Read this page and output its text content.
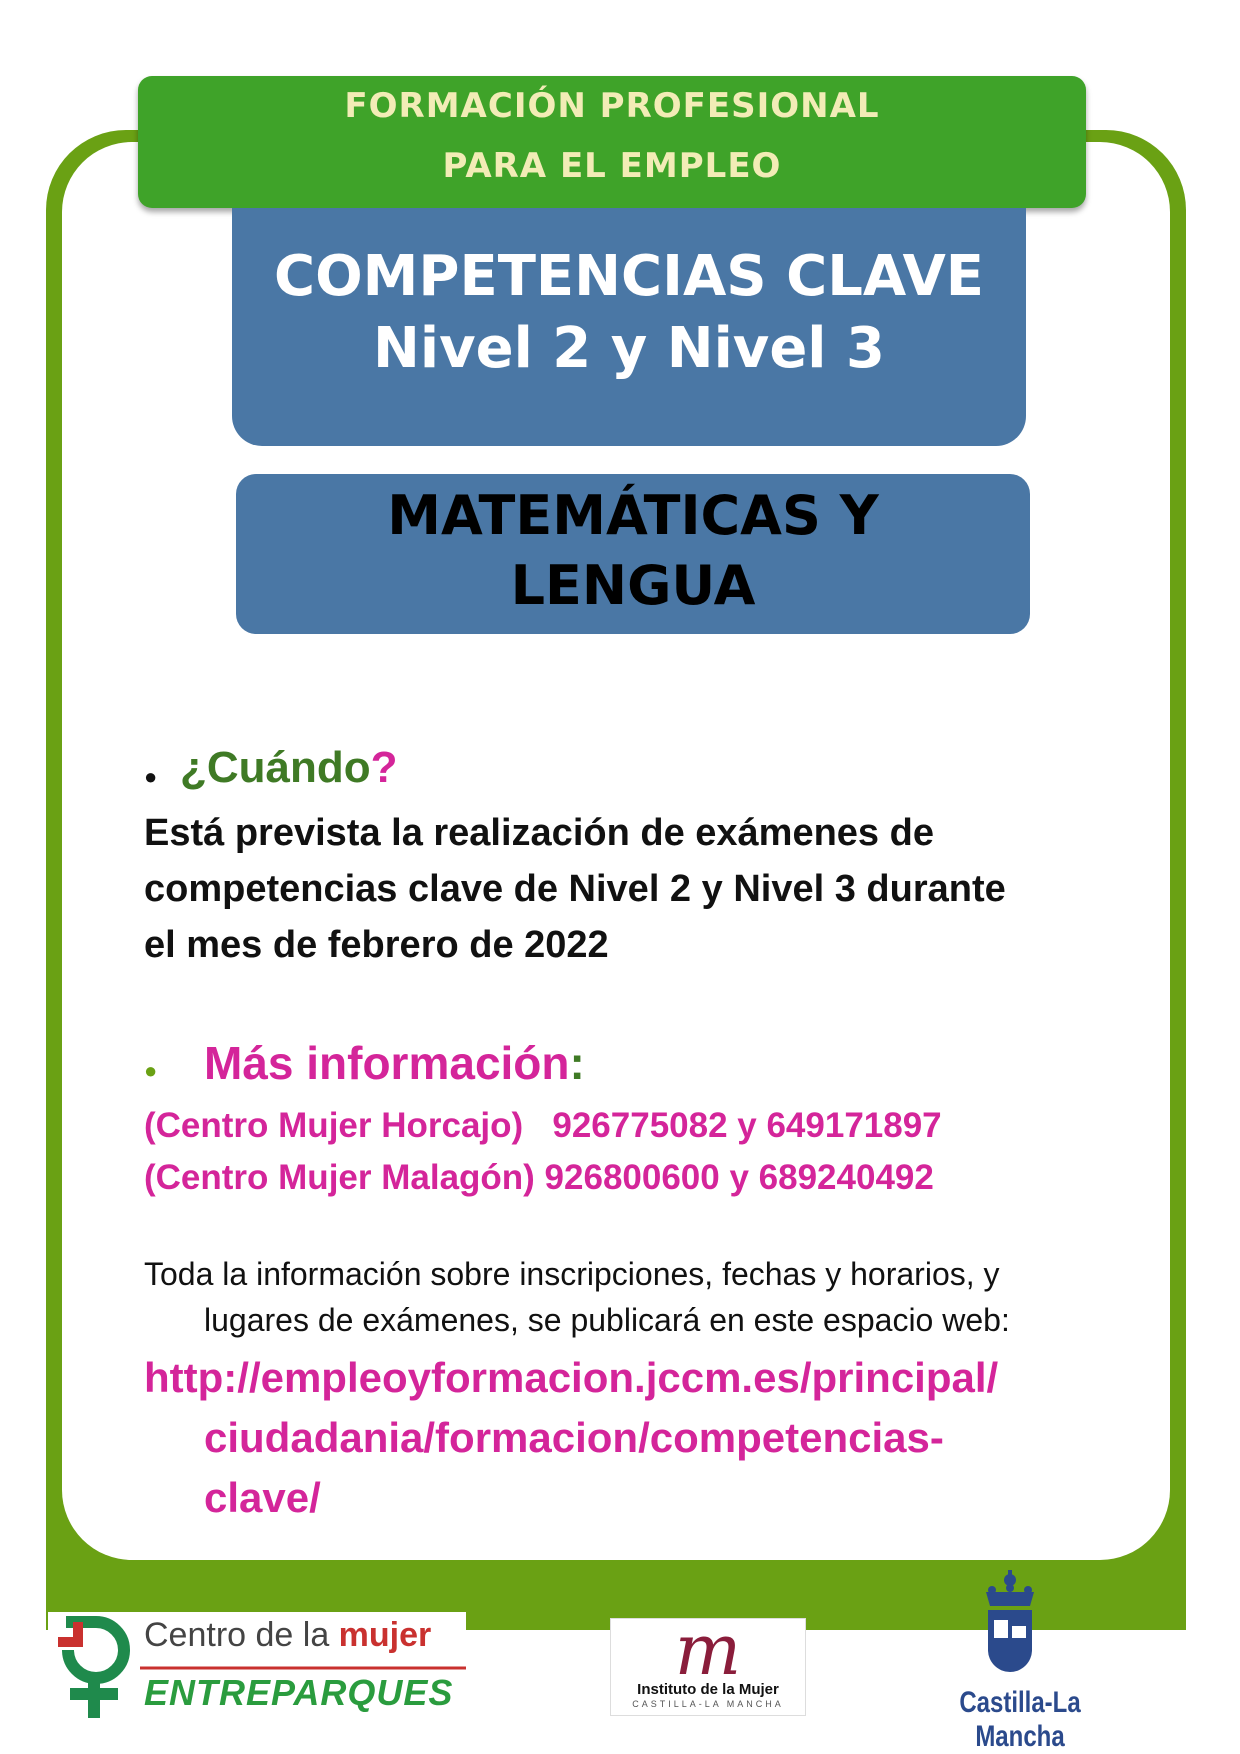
FORMACIÓN PROFESIONAL
PARA EL EMPLEO
COMPETENCIAS CLAVE
Nivel 2 y Nivel 3
MATEMÁTICAS Y
LENGUA
● ¿Cuándo?
Está prevista la realización de exámenes de
competencias clave de Nivel 2 y Nivel 3 durante
el mes de febrero de 2022
● Más información:
(Centro Mujer Horcajo)   926775082 y 649171897
(Centro Mujer Malagón) 926800600 y 689240492
Toda la información sobre inscripciones, fechas y horarios, y
lugares de exámenes, se publicará en este espacio web:
http://empleoyformacion.jccm.es/principal/
ciudadania/formacion/competencias-
clave/
Centro de la mujer
ENTREPARQUES
m
Instituto de la Mujer
CASTILLA-LA MANCHA	Castilla-La Mancha
